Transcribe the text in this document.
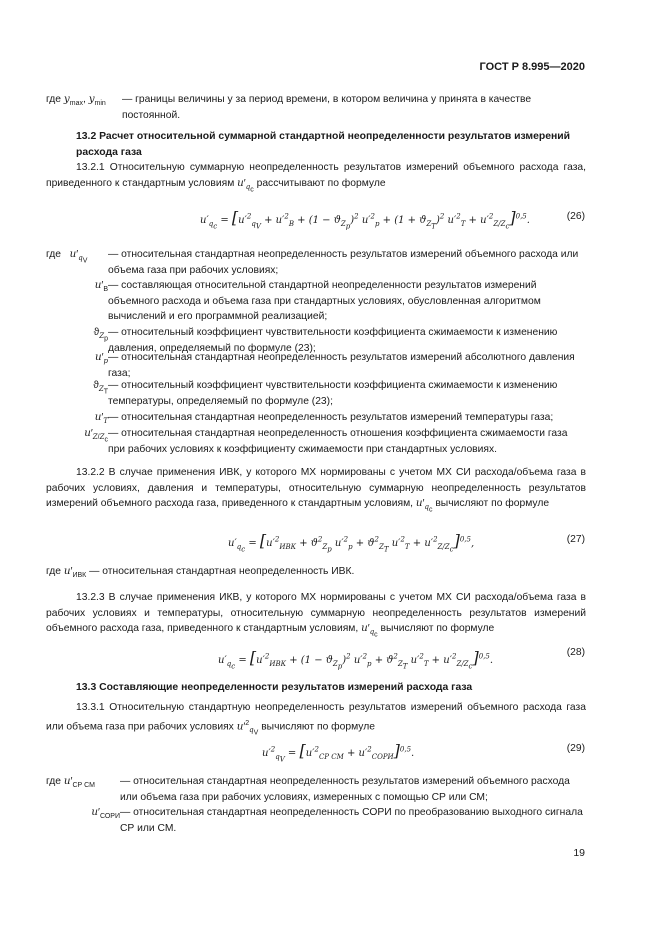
ГОСТ Р 8.995—2020
где $y_{max}$, $y_{min}$	— границы величины y за период времени, в котором величина y принята в качестве постоянной.
13.2 Расчет относительной суммарной стандартной неопределенности результатов измерений расхода газа
13.2.1 Относительную суммарную неопределенность результатов измерений объемного расхода газа, приведенного к стандартным условиям $u'_{q_c}$ рассчитывают по формуле
$u'_{q_c} = [u'^2_{q_V} + u'^2_B + (1 - ϑ_{Z_p})^2$ $u'^2_p + (1 + ϑ_{Z_T})^2$ $u'^2_T + u'^2_{Z/Z_c}]^{0,5}$.	(26)
где $u'_{q_V}$
— относительная стандартная неопределенность результатов измерений объемного расхода или объема газа при рабочих условиях;
$u'_B$ — составляющая относительной стандартной неопределенности результатов измерений объемного расхода и объема газа при стандартных условиях, обусловленная алгоритмом вычислений и его программной реализацией;
$ϑ_{Z_p}$
— относительный коэффициент чувствительности коэффициента сжимаемости к изменению давления, определяемый по формуле (23);
$u'_p$ — относительная стандартная неопределенность результатов измерений абсолютного давления газа;
$ϑ_{Z_T}$
— относительный коэффициент чувствительности коэффициента сжимаемости к изменению температуры, определяемый по формуле (23);
$u'_T$ — относительная стандартная неопределенность результатов измерений температуры газа;
$u'_{Z/Z_c}$
— относительная стандартная неопределенность отношения коэффициента сжимаемости газа при рабочих условиях к коэффициенту сжимаемости при стандартных условиях.
13.2.2 В случае применения ИВК, у которого МХ нормированы с учетом МХ СИ расхода/объема газа в рабочих условиях, давления и температуры, относительную суммарную неопределенность результатов измерений объемного расхода газа, приведенного к стандартным условиям, $u'_{q_c}$ вычисляют по формуле
$u'_{q_c} = [u'^2_{ИВК} + ϑ^2_{Z_p}$ $u'^2_p + ϑ^2_{Z_T}$ $u'^2_T + u'^2_{Z/Z_c}]^{0,5}$,	(27)
где $u'_{ИВК}$ — относительная стандартная неопределенность ИВК.
13.2.3 В случае применения ИКВ, у которого МХ нормированы с учетом МХ СИ расхода/объема газа в рабочих условиях и температуры, относительную суммарную неопределенность результатов измерений объемного расхода газа, приведенного к стандартным условиям, $u'_{q_c}$ вычисляют по формуле
$u'_{q_c} = [u'^2_{ИВК} + (1 - ϑ_{Z_p})^2$ $u'^2_p + ϑ^2_{Z_T}$ $u'^2_T + u'^2_{Z/Z_c}]^{0,5}$.
(28)
13.3 Составляющие неопределенности результатов измерений расхода газа
13.3.1 Относительную стандартную неопределенность результатов измерений объемного расхода газа или объема газа при рабочих условиях $u'^2_{q_V}$ вычисляют по формуле
$u'^2_{q_V} = [u'^2_{СР СМ} + u'^2_{СОРИ}]^{0,5}$.	(29)
где $u'_{СР СМ}$	— относительная стандартная неопределенность результатов измерений объемного расхода или объема газа при рабочих условиях, измеренных с помощью СР или СМ;
$u'_{СОРИ}$ — относительная стандартная неопределенность СОРИ по преобразованию выходного сигнала СР или СМ.
19
